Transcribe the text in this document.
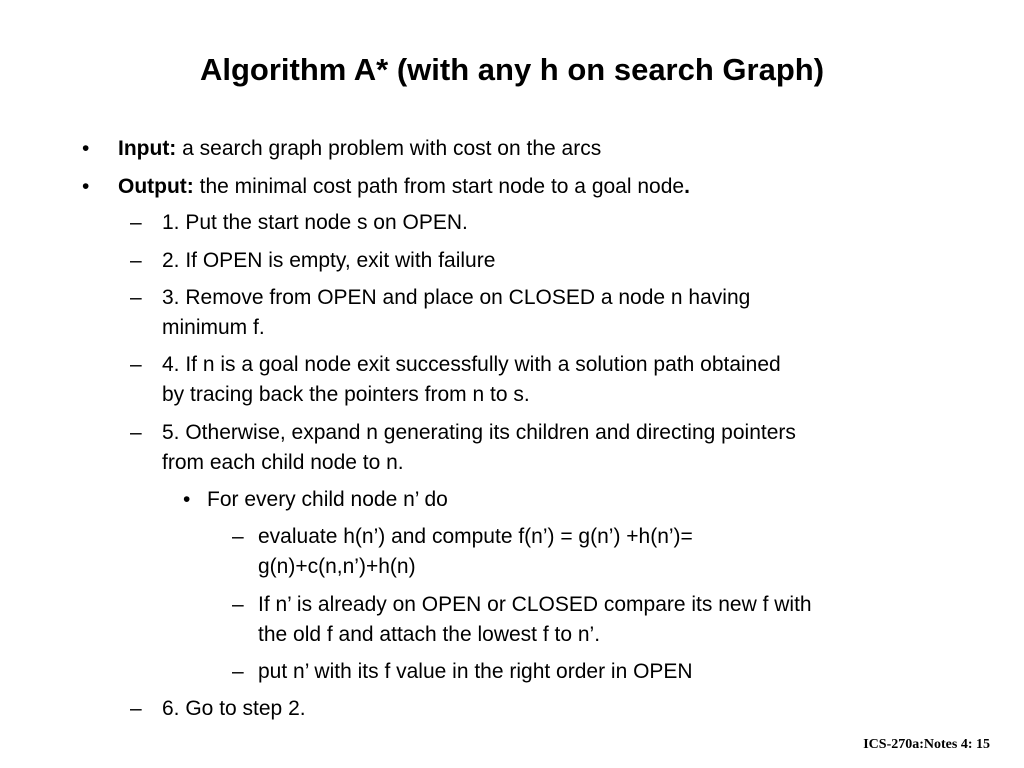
Algorithm A* (with any h on search Graph)
• Input: a search graph problem with cost on the arcs
• Output: the minimal cost path from start node to a goal node.
– 1. Put the start node s on OPEN.
– 2. If OPEN is empty, exit with failure
– 3. Remove from OPEN and place on CLOSED a node n having
minimum f.
– 4. If n is a goal node exit successfully with a solution path obtained
by tracing back the pointers from n to s.
– 5. Otherwise, expand n generating its children and directing pointers
from each child node to n.
• For every child node n’ do
– evaluate h(n’) and compute f(n’) = g(n’) +h(n’)=
g(n)+c(n,n’)+h(n)
– If n’ is already on OPEN or CLOSED compare its new f with
the old f and attach the lowest f to n’.
– put n’ with its f value in the right order in OPEN
– 6. Go to step 2.
ICS-270a:Notes 4: 15
